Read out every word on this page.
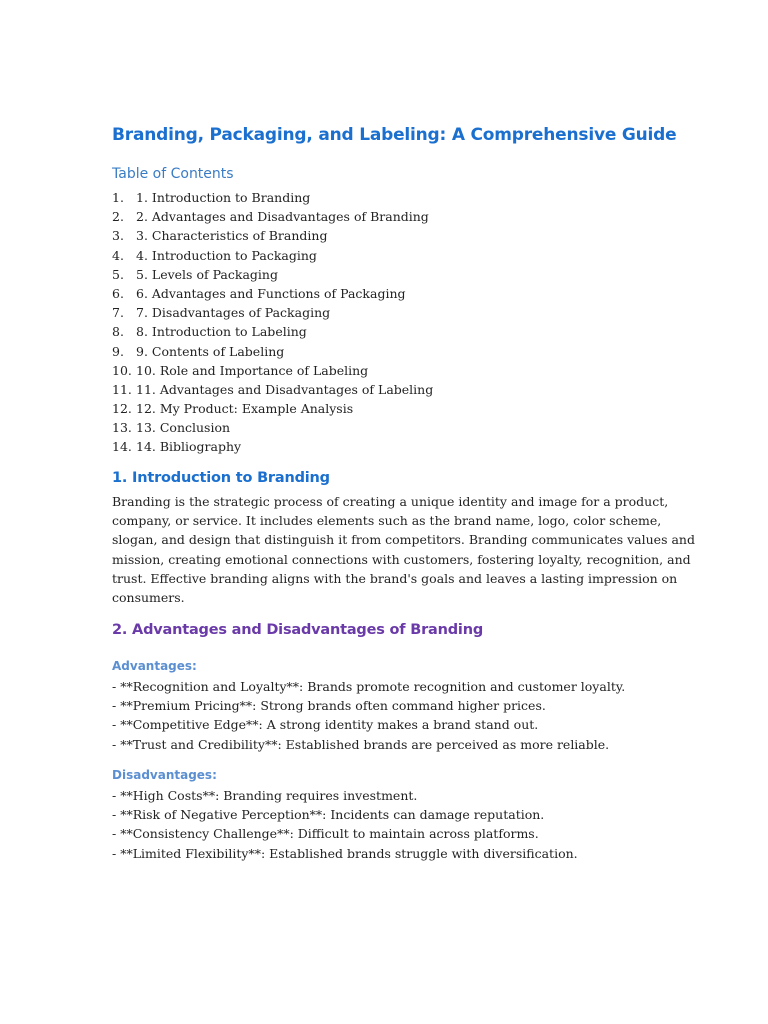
Branding, Packaging, and Labeling: A Comprehensive Guide
Table of Contents
1. 1. Introduction to Branding
2. 2. Advantages and Disadvantages of Branding
3. 3. Characteristics of Branding
4. 4. Introduction to Packaging
5. 5. Levels of Packaging
6. 6. Advantages and Functions of Packaging
7. 7. Disadvantages of Packaging
8. 8. Introduction to Labeling
9. 9. Contents of Labeling
10. 10. Role and Importance of Labeling
11. 11. Advantages and Disadvantages of Labeling
12. 12. My Product: Example Analysis
13. 13. Conclusion
14. 14. Bibliography
1. Introduction to Branding

Branding is the strategic process of creating a unique identity and image for a product,
company, or service. It includes elements such as the brand name, logo, color scheme,
slogan, and design that distinguish it from competitors. Branding communicates values and
mission, creating emotional connections with customers, fostering loyalty, recognition, and
trust. Effective branding aligns with the brand's goals and leaves a lasting impression on
consumers.

2. Advantages and Disadvantages of Branding
Advantages:
- **Recognition and Loyalty**: Brands promote recognition and customer loyalty.
- **Premium Pricing**: Strong brands often command higher prices.
- **Competitive Edge**: A strong identity makes a brand stand out.
- **Trust and Credibility**: Established brands are perceived as more reliable.
Disadvantages:
- **High Costs**: Branding requires investment.
- **Risk of Negative Perception**: Incidents can damage reputation.
- **Consistency Challenge**: Difficult to maintain across platforms.
- **Limited Flexibility**: Established brands struggle with diversification.
